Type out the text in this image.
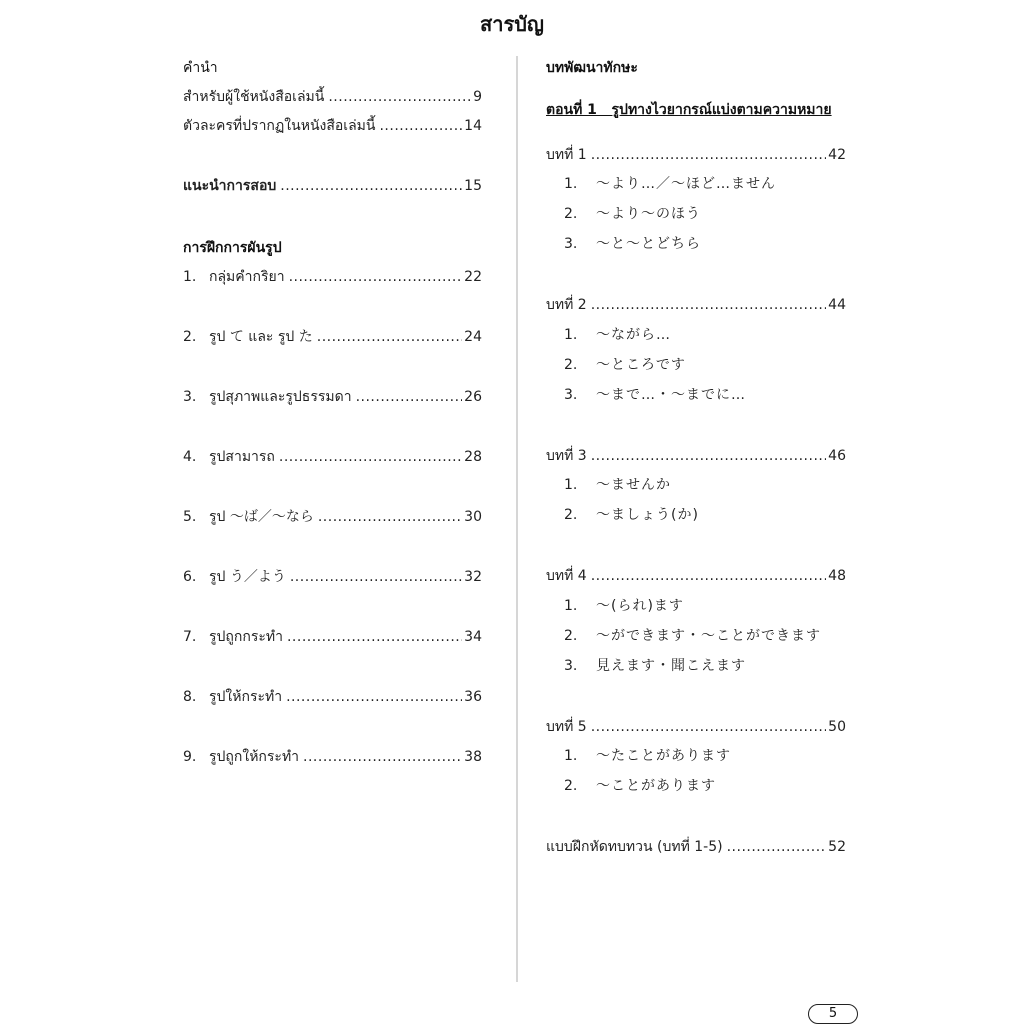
สารบัญ
คำนำ
สำหรับผู้ใช้หนังสือเล่มนี้ .....	9
ตัวละครที่ปรากฏในหนังสือเล่มนี้ .....	14
แนะนำการสอบ .....	15
การฝึกการผันรูป
1. กลุ่มคำกริยา .....	22
2. รูป て และ รูป た .....	24
3. รูปสุภาพและรูปธรรมดา .....	26
4. รูปสามารถ .....	28
5. รูป ～ば／～なら .....	30
6. รูป う／よう .....	32
7. รูปถูกกระทำ .....	34
8. รูปให้กระทำ .....	36
9. รูปถูกให้กระทำ .....	38
บทพัฒนาทักษะ
ตอนที่ 1   รูปทางไวยากรณ์แบ่งตามความหมาย
บทที่ 1 .....	42
1. ～より…／～ほど…ません
2. ～より～のほう
3. ～と～とどちら
บทที่ 2 .....	44
1. ～ながら…
2. ～ところです
3. ～まで…・～までに…
บทที่ 3 .....	46
1. ～ませんか
2. ～ましょう(か)
บทที่ 4 .....	48
1. ～(られ)ます
2. ～ができます・～ことができます
3. 見えます・聞こえます
บทที่ 5 .....	50
1. ～たことがあります
2. ～ことがあります
แบบฝึกหัดทบทวน (บทที่ 1-5) .....	52
5
